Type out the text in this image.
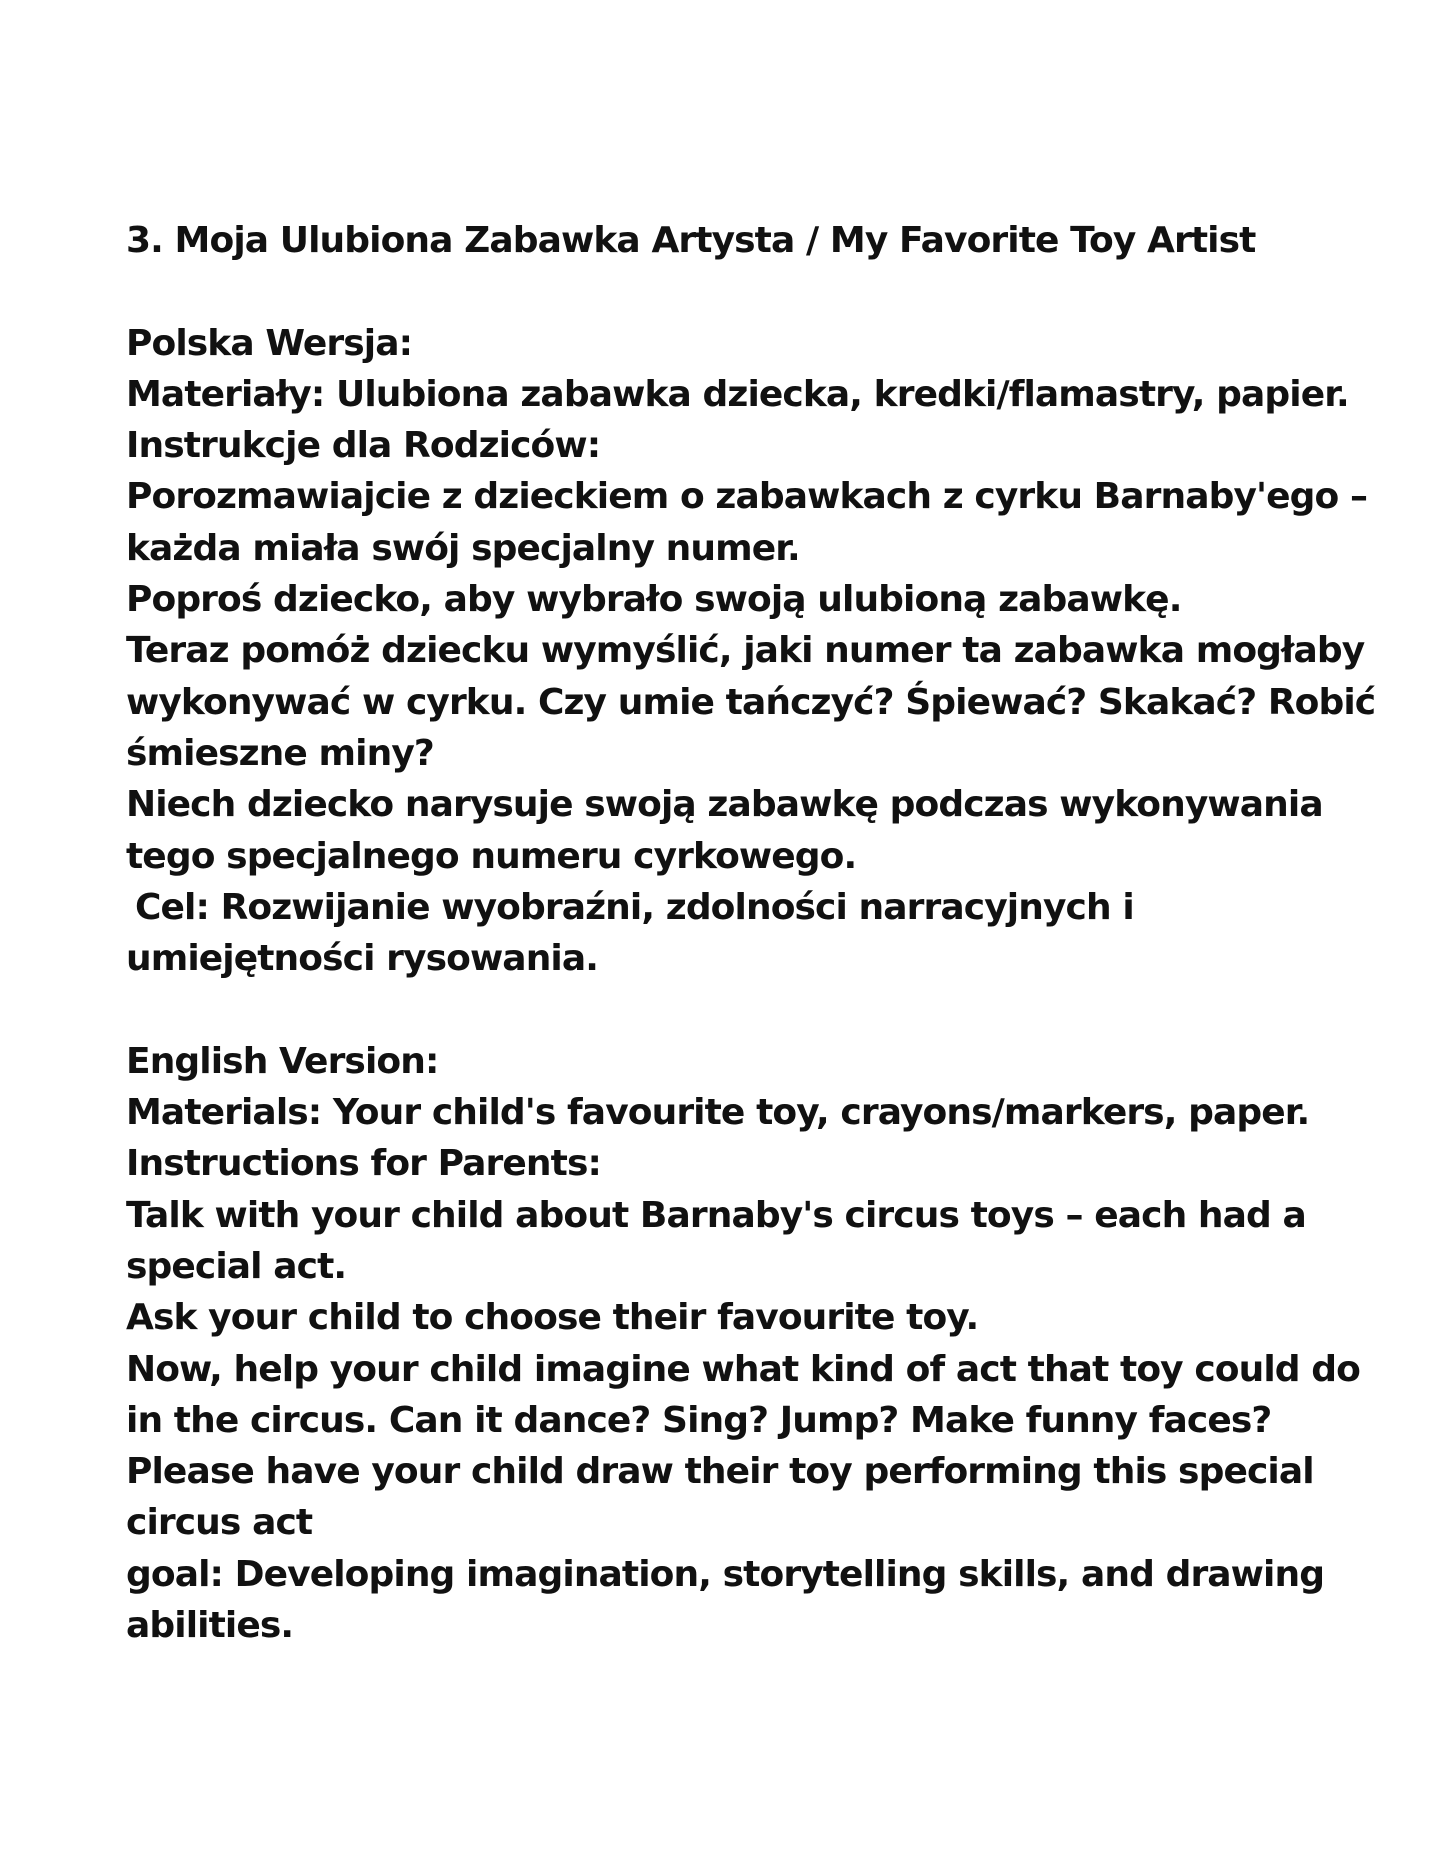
3. Moja Ulubiona Zabawka Artysta / My Favorite Toy Artist
Polska Wersja:
Materiały: Ulubiona zabawka dziecka, kredki/flamastry, papier.
Instrukcje dla Rodziców:
Porozmawiajcie z dzieckiem o zabawkach z cyrku Barnaby'ego –
każda miała swój specjalny numer.
Poproś dziecko, aby wybrało swoją ulubioną zabawkę.
Teraz pomóż dziecku wymyślić, jaki numer ta zabawka mogłaby
wykonywać w cyrku. Czy umie tańczyć? Śpiewać? Skakać? Robić
śmieszne miny?
Niech dziecko narysuje swoją zabawkę podczas wykonywania
tego specjalnego numeru cyrkowego.
Cel: Rozwijanie wyobraźni, zdolności narracyjnych i
umiejętności rysowania.
English Version:
Materials: Your child's favourite toy, crayons/markers, paper.
Instructions for Parents:
Talk with your child about Barnaby's circus toys – each had a
special act.
Ask your child to choose their favourite toy.
Now, help your child imagine what kind of act that toy could do
in the circus. Can it dance? Sing? Jump? Make funny faces?
Please have your child draw their toy performing this special
circus act
goal: Developing imagination, storytelling skills, and drawing
abilities.
